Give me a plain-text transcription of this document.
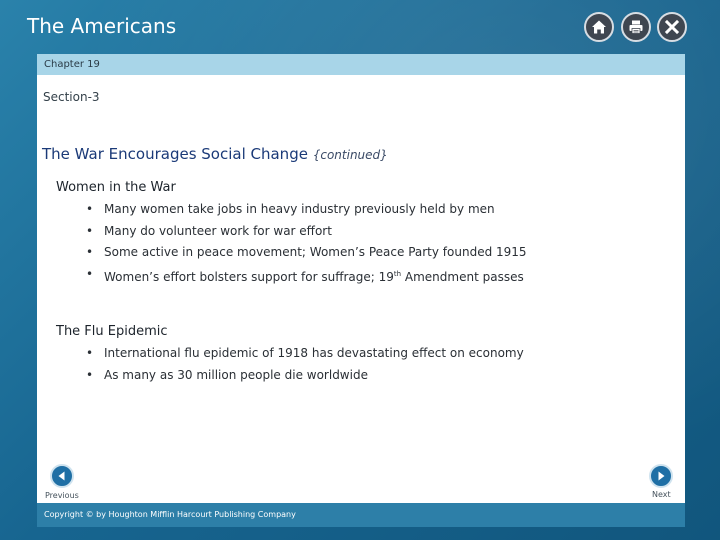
The Americans
Chapter 19
Section-3
The War Encourages Social Change {continued}
Women in the War
• Many women take jobs in heavy industry previously held by men
• Many do volunteer work for war effort
• Some active in peace movement; Women’s Peace Party founded 1915
• Women’s effort bolsters support for suffrage; 19th Amendment passes
The Flu Epidemic
• International flu epidemic of 1918 has devastating effect on economy
• As many as 30 million people die worldwide
Previous	Next
Copyright © by Houghton Mifflin Harcourt Publishing Company
